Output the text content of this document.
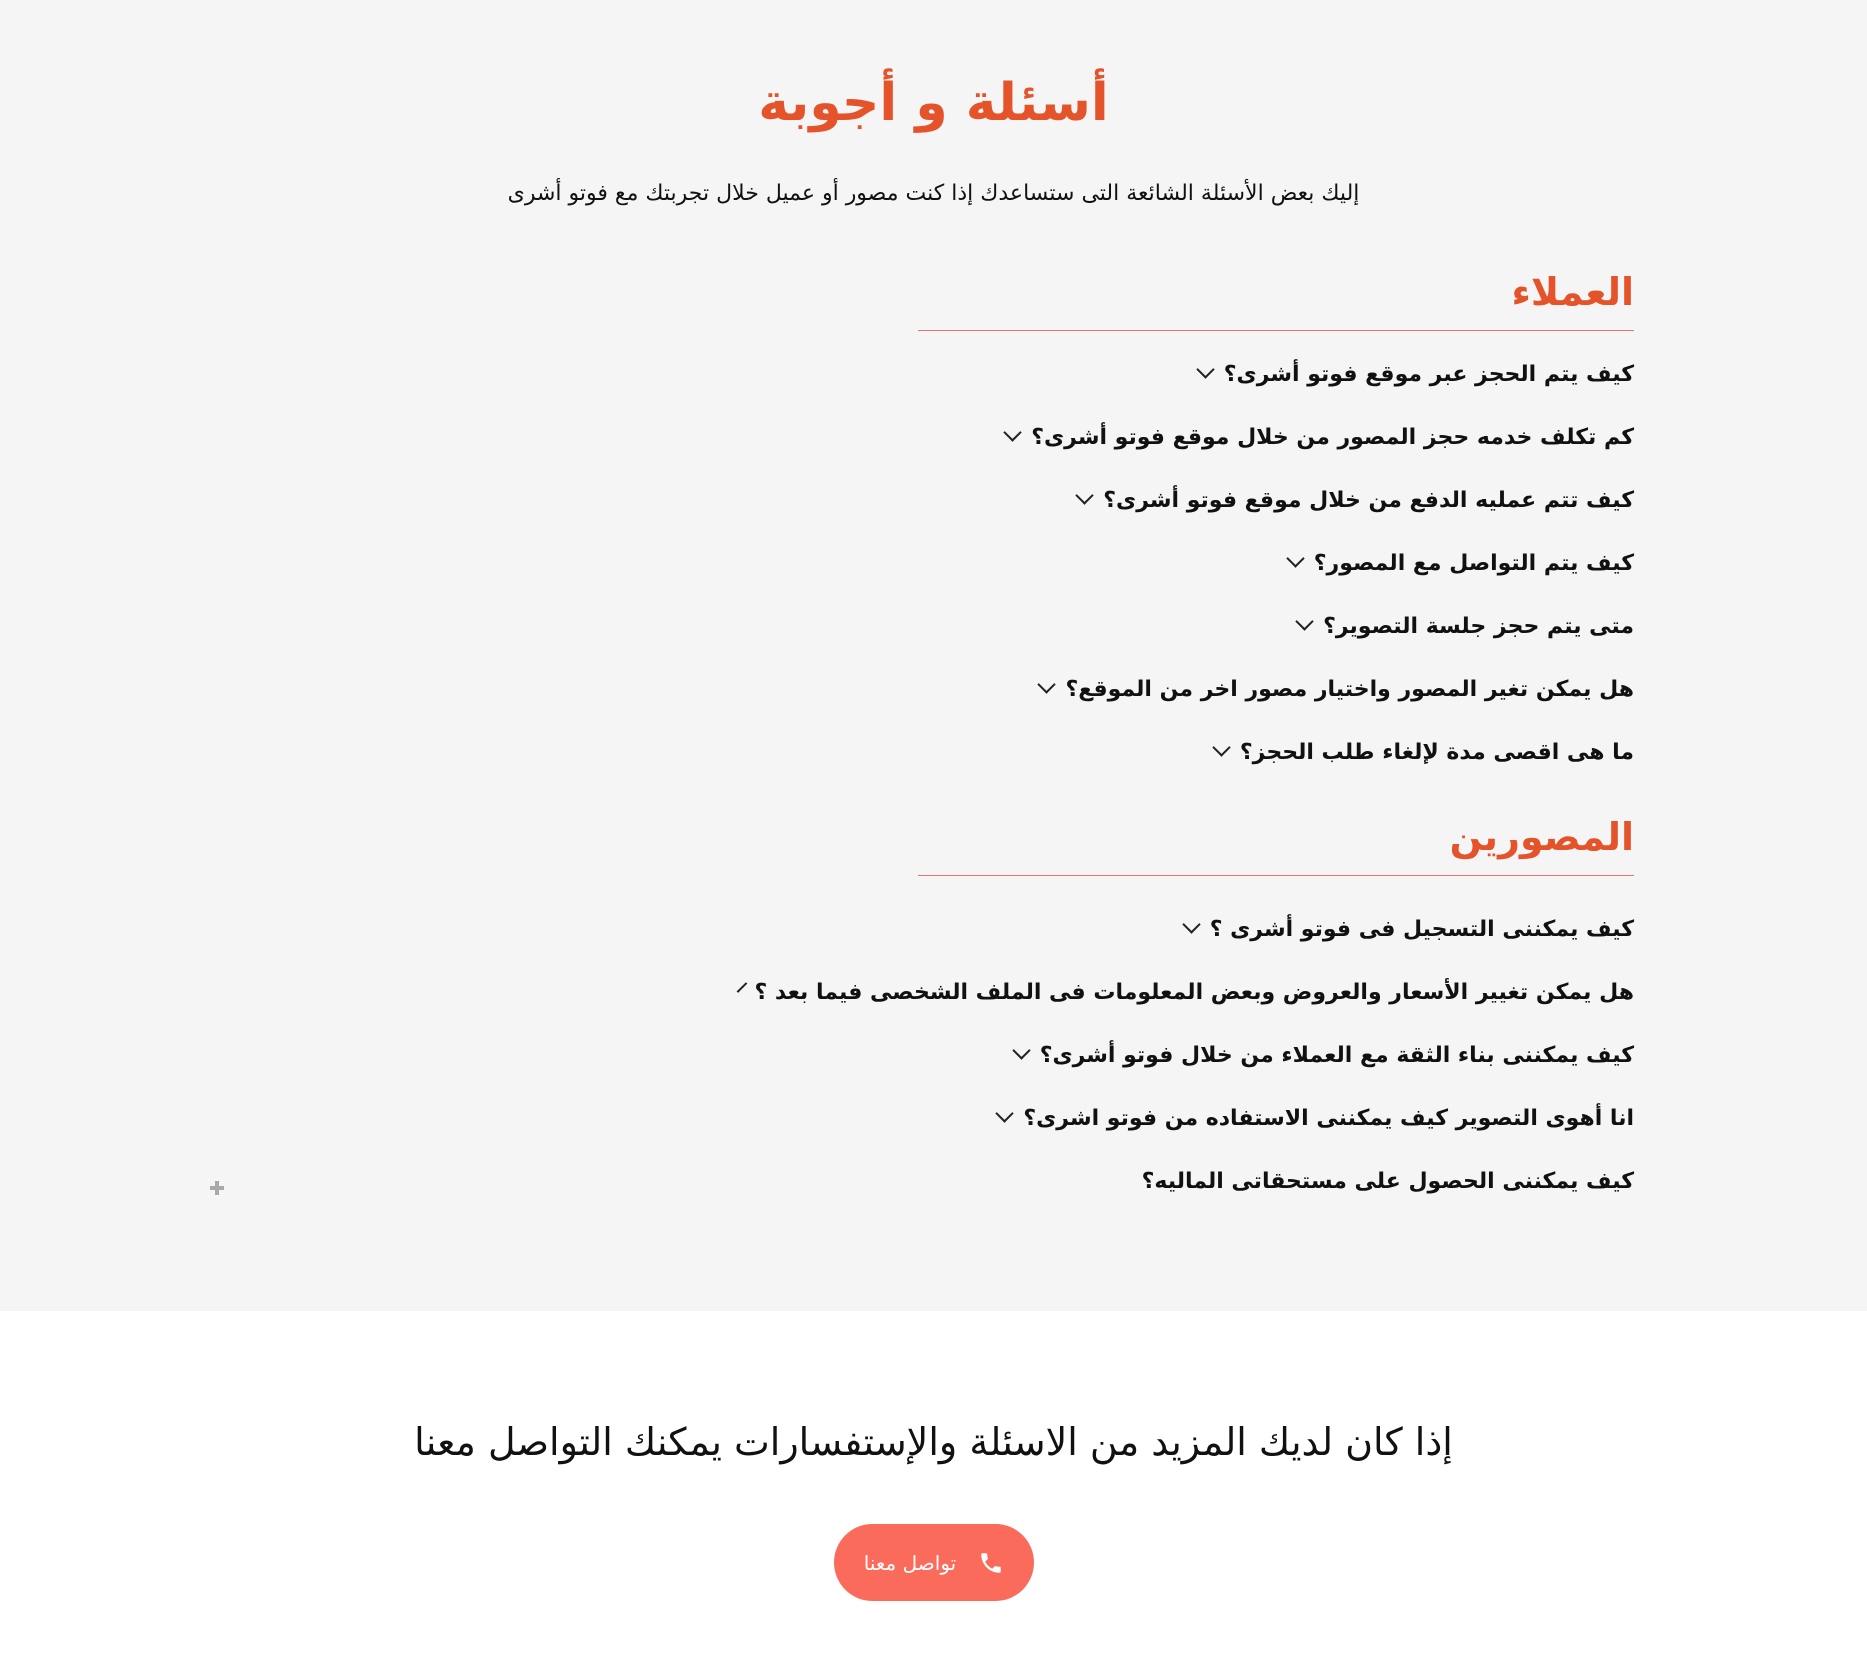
أسئلة و أجوبة

إليك بعض الأسئلة الشائعة التى ستساعدك إذا كنت مصور أو عميل خلال تجربتك مع فوتو أشرى

العملاء
كيف يتم الحجز عبر موقع فوتو أشرى؟
كم تكلف خدمه حجز المصور من خلال موقع فوتو أشرى؟
كيف تتم عمليه الدفع من خلال موقع فوتو أشرى؟
كيف يتم التواصل مع المصور؟
متى يتم حجز جلسة التصوير؟
هل يمكن تغير المصور واختيار مصور اخر من الموقع؟
ما هى اقصى مدة لإلغاء طلب الحجز؟
المصورين
كيف يمكننى التسجيل فى فوتو أشرى ؟
هل يمكن تغيير الأسعار والعروض وبعض المعلومات فى الملف الشخصى فيما بعد ؟
كيف يمكننى بناء الثقة مع العملاء من خلال فوتو أشرى؟
انا أهوى التصوير كيف يمكننى الاستفاده من فوتو اشرى؟
كيف يمكننى الحصول على مستحقاتى الماليه؟
إذا كان لديك المزيد من الاسئلة والإستفسارات يمكنك التواصل معنا
تواصل معنا
